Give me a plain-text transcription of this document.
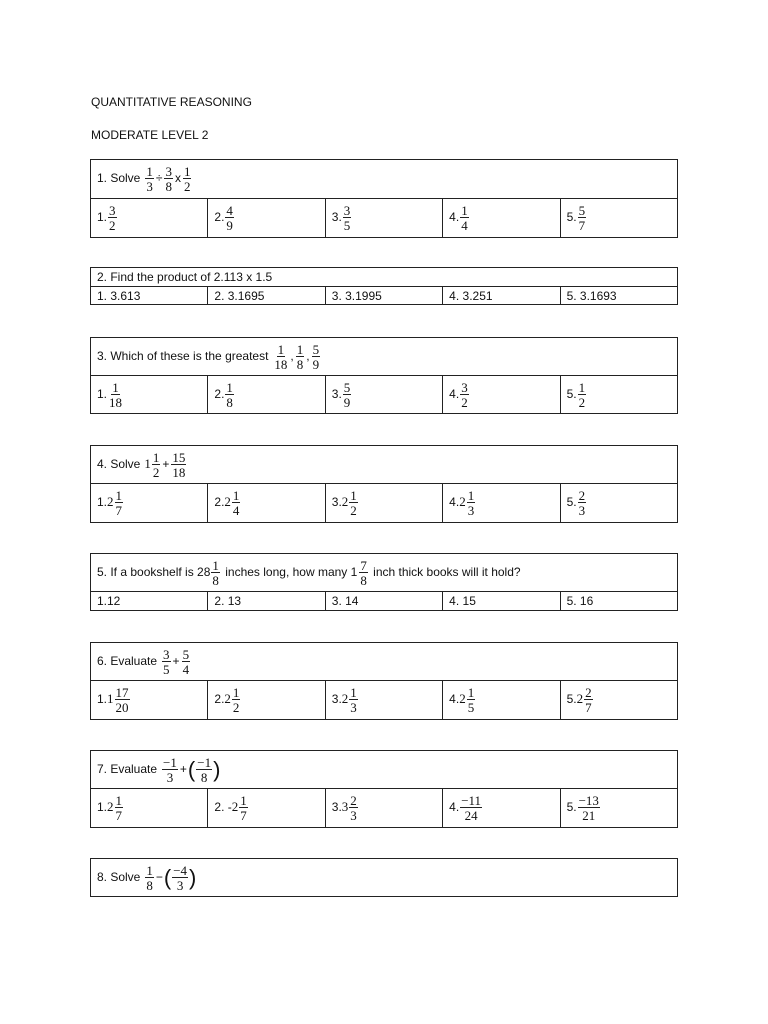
QUANTITATIVE REASONING
MODERATE LEVEL 2
1. Solve $\frac{1}{3} \div \frac{3}{8}$ x $\frac{1}{2}$

1. $\frac{3}{2}$	2. $\frac{4}{9}$	3. $\frac{3}{5}$	4. $\frac{1}{4}$	5. $\frac{5}{7}$
2. Find the product of 2.113 x 1.5
1. 3.613	2. 3.1695	3. 3.1995	4. 3.251	5. 3.1693
3. Which of these is the greatest $\frac{1}{18}$ , $\frac{1}{8}$ , $\frac{5}{9}$

1. $\frac{1}{18}$	2. $\frac{1}{8}$	3. $\frac{5}{9}$	4. $\frac{3}{2}$	5. $\frac{1}{2}$
4. Solve $1 \frac{1}{2} + \frac{15}{18}$

$1.2 \frac{1}{7}$	$2.2 \frac{1}{4}$	$3.2 \frac{1}{2}$	$4.2 \frac{1}{3}$	5. $\frac{2}{3}$
5. If a bookshelf is $28 \frac{1}{8}$ inches long, how many $1 \frac{7}{8}$ inch thick books will it hold?
1.12	2. 13	3. 14	4. 15	5. 16
6. Evaluate $\frac{3}{5} + \frac{5}{4}$

$1.1 \frac{17}{20}$	$2.2 \frac{1}{2}$	$3.2 \frac{1}{3}$	$4.2 \frac{1}{5}$	$5.2 \frac{2}{7}$
7. Evaluate $\frac{-1}{3}$ +( $\frac{-1}{8}$ )
$1.2 \frac{1}{7}$	2. $-2 \frac{1}{7}$	$3.3 \frac{2}{3}$	4. $\frac{-11}{24}$	5. $\frac{-13}{21}$
8. Solve $\frac{1}{8}$ −( $\frac{-4}{3}$ )
